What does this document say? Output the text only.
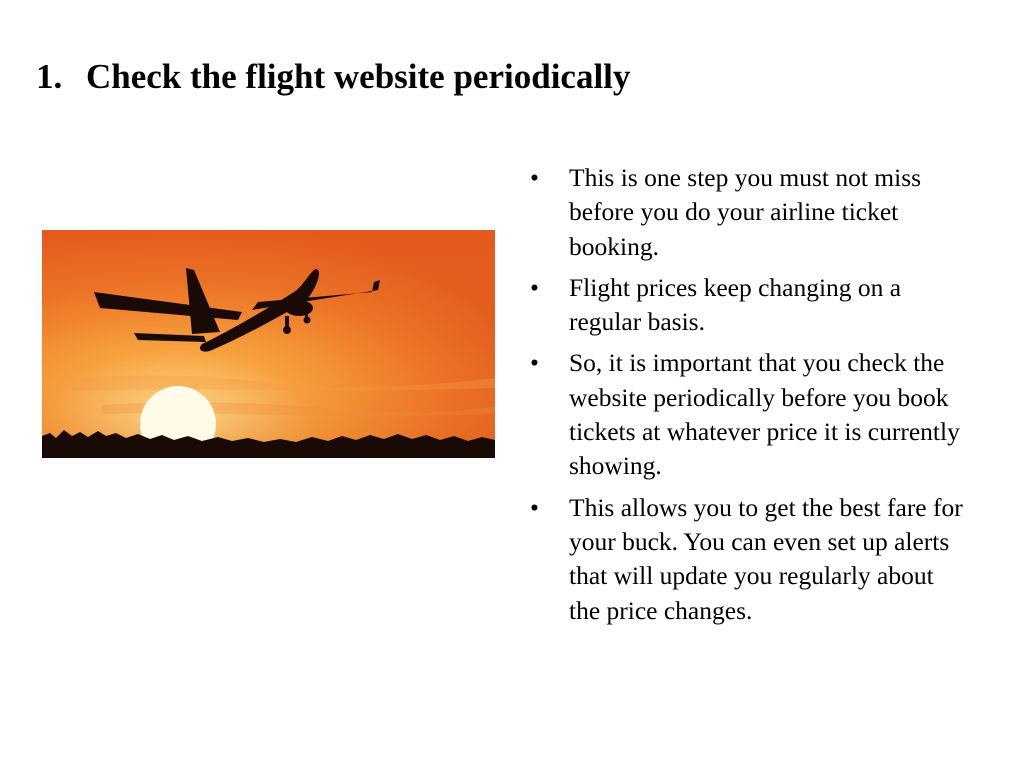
1. Check the flight website periodically
•	This is one step you must not miss before you do your airline ticket booking.
•	Flight prices keep changing on a regular basis.
•	So, it is important that you check the website periodically before you book tickets at whatever price it is currently showing.
•	This allows you to get the best fare for your buck. You can even set up alerts that will update you regularly about the price changes.
